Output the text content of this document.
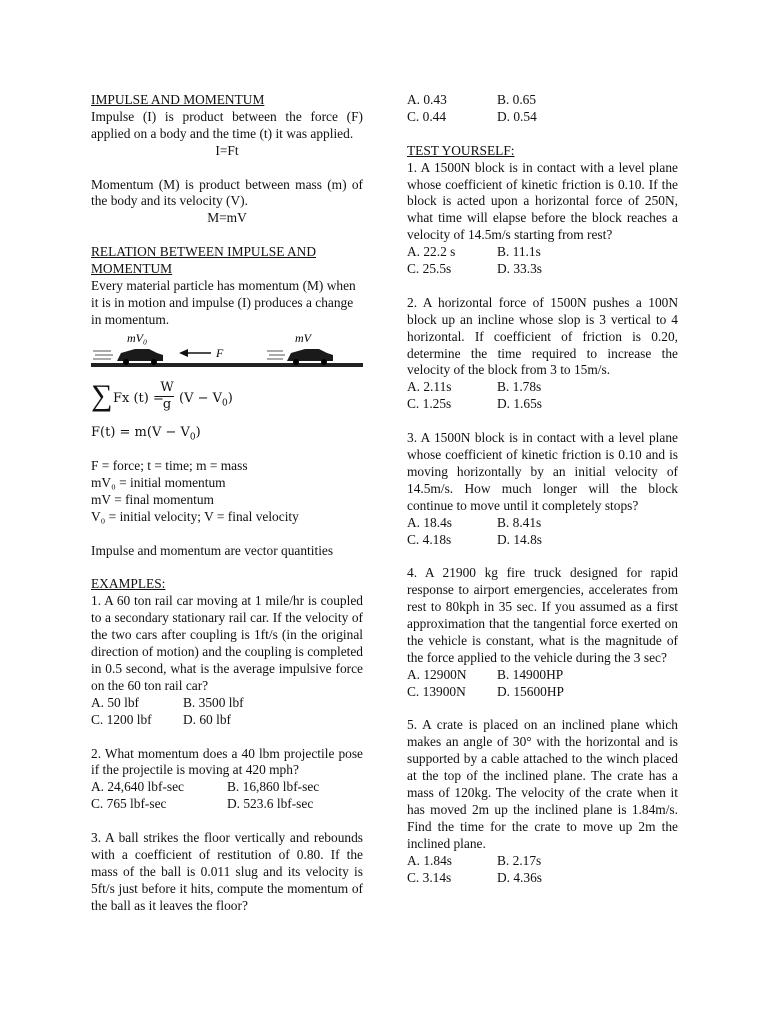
IMPULSE AND MOMENTUM

Impulse (I) is product between the force (F) applied on a body and the time (t) it was applied.

I=Ft

Momentum (M) is product between mass (m) of the body and its velocity (V).

M=mV

RELATION BETWEEN IMPULSE AND MOMENTUM

Every material particle has momentum (M) when it is in motion and impulse (I) produces a change in momentum.

mV₀
F
mV
∑ Fx (t) =
$\frac{W}{g} (V - V_0)$

$F(t) = m(V - V_0)$

F = force; t = time; m = mass

mV₀ = initial momentum

mV = final momentum

V₀ = initial velocity; V = final velocity

Impulse and momentum are vector quantities

EXAMPLES:

1. A 60 ton rail car moving at 1 mile/hr is coupled to a secondary stationary rail car. If the velocity of the two cars after coupling is 1ft/s (in the original direction of motion) and the coupling is completed in 0.5 second, what is the average impulsive force on the 60 ton rail car?

A. 50 lbf	B. 3500 lbf
C. 1200 lbf	D. 60 lbf

2. What momentum does a 40 lbm projectile pose if the projectile is moving at 420 mph?

A. 24,640 lbf-sec	B. 16,860 lbf-sec
C. 765 lbf-sec	D. 523.6 lbf-sec

3. A ball strikes the floor vertically and rebounds with a coefficient of restitution of 0.80. If the mass of the ball is 0.011 slug and its velocity is 5ft/s just before it hits, compute the momentum of the ball as it leaves the floor?

A. 0.43	B. 0.65
C. 0.44	D. 0.54

TEST YOURSELF:

1. A 1500N block is in contact with a level plane whose coefficient of kinetic friction is 0.10. If the block is acted upon a horizontal force of 250N, what time will elapse before the block reaches a velocity of 14.5m/s starting from rest?

A. 22.2 s	B. 11.1s
C. 25.5s	D. 33.3s

2. A horizontal force of 1500N pushes a 100N block up an incline whose slop is 3 vertical to 4 horizontal. If coefficient of friction is 0.20, determine the time required to increase the velocity of the block from 3 to 15m/s.

A. 2.11s	B. 1.78s
C. 1.25s	D. 1.65s

3. A 1500N block is in contact with a level plane whose coefficient of kinetic friction is 0.10 and is moving horizontally by an initial velocity of 14.5m/s. How much longer will the block continue to move until it completely stops?

A. 18.4s	B. 8.41s
C. 4.18s	D. 14.8s

4. A 21900 kg fire truck designed for rapid response to airport emergencies, accelerates from rest to 80kph in 35 sec. If you assumed as a first approximation that the tangential force exerted on the vehicle is constant, what is the magnitude of the force applied to the vehicle during the 3 sec?

A. 12900N	B. 14900HP
C. 13900N	D. 15600HP

5. A crate is placed on an inclined plane which makes an angle of 30° with the horizontal and is supported by a cable attached to the winch placed at the top of the inclined plane. The crate has a mass of 120kg. The velocity of the crate when it has moved 2m up the inclined plane is 1.84m/s. Find the time for the crate to move up 2m the inclined plane.

A. 1.84s	B. 2.17s
C. 3.14s	D. 4.36s
